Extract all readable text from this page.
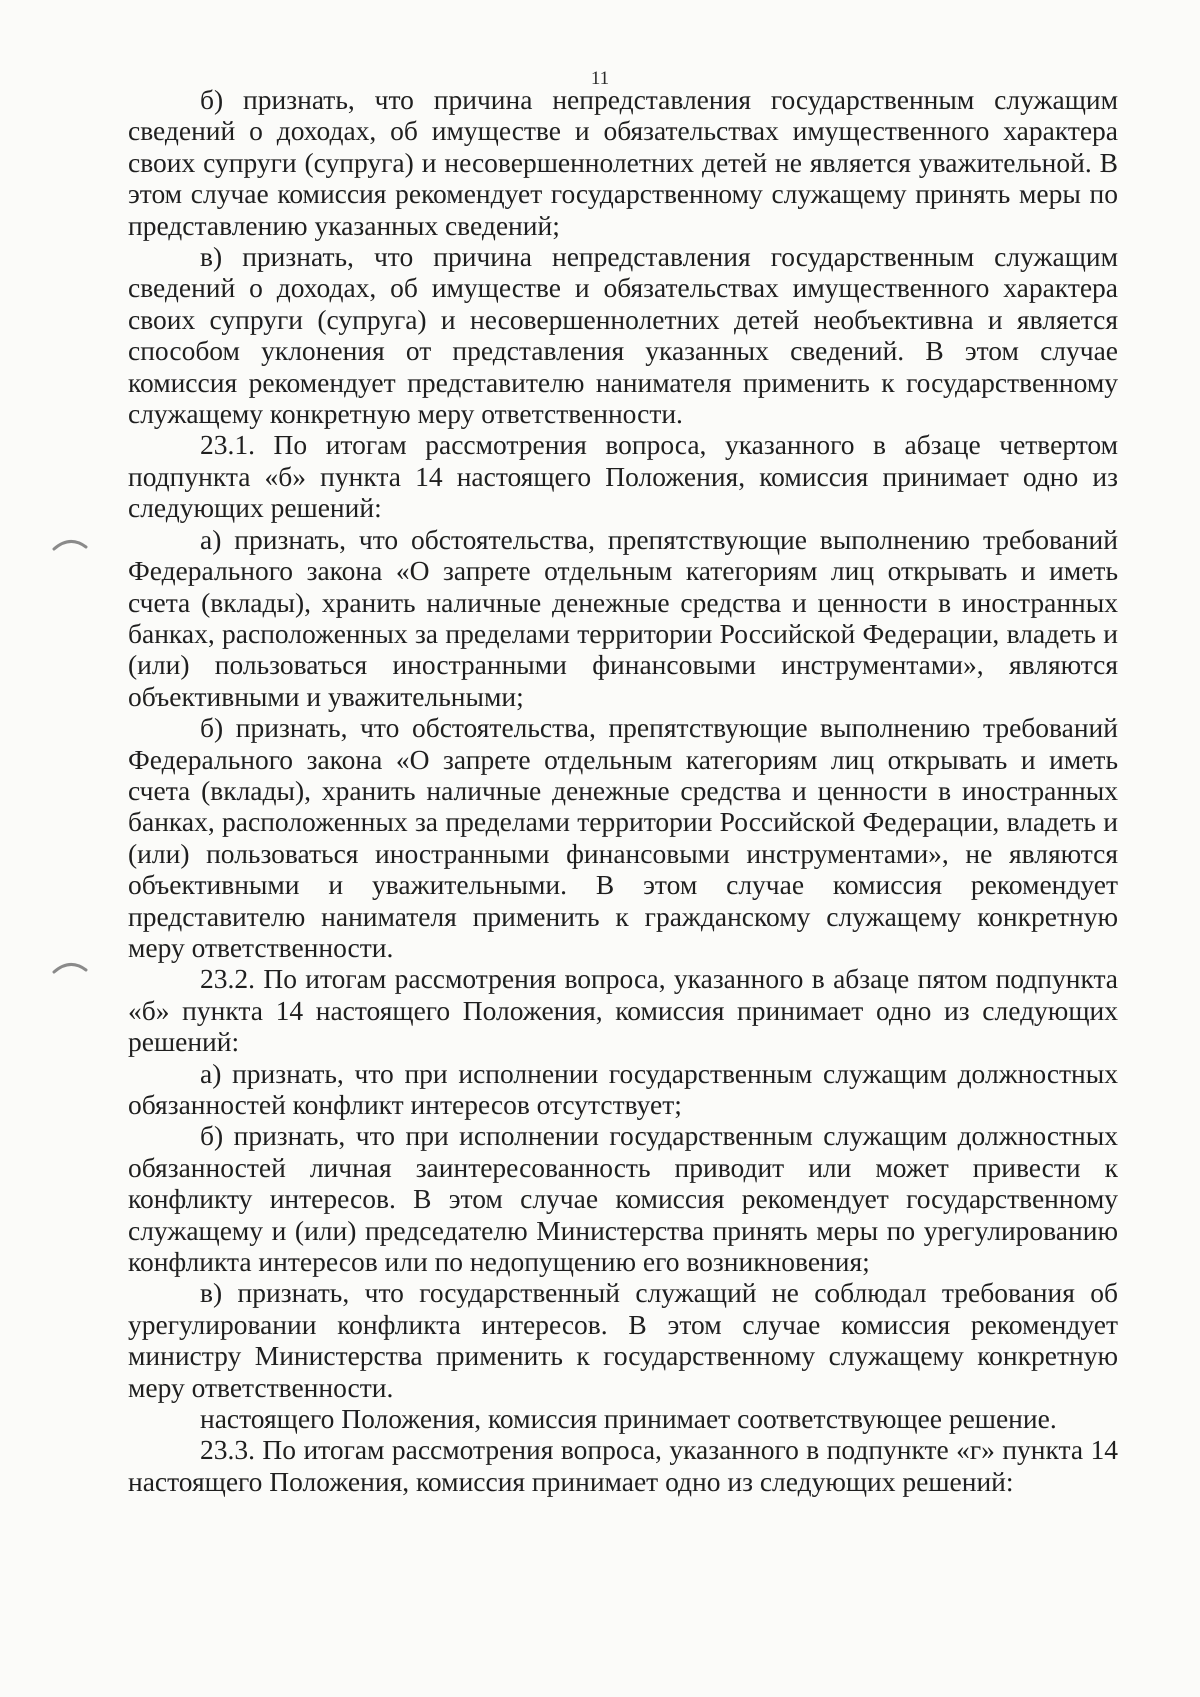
11

б) признать, что причина непредставления государственным служащим сведений о доходах, об имуществе и обязательствах имущественного характера своих супруги (супруга) и несовершеннолетних детей не является уважительной. В этом случае комиссия рекомендует государственному служащему принять меры по представлению указанных сведений;

в) признать, что причина непредставления государственным служащим сведений о доходах, об имуществе и обязательствах имущественного характера своих супруги (супруга) и несовершеннолетних детей необъективна и является способом уклонения от представления указанных сведений. В этом случае комиссия рекомендует представителю нанимателя применить к государственному служащему конкретную меру ответственности.

23.1. По итогам рассмотрения вопроса, указанного в абзаце четвертом подпункта «б» пункта 14 настоящего Положения, комиссия принимает одно из следующих решений:

а) признать, что обстоятельства, препятствующие выполнению требований Федерального закона «О запрете отдельным категориям лиц открывать и иметь счета (вклады), хранить наличные денежные средства и ценности в иностранных банках, расположенных за пределами территории Российской Федерации, владеть и (или) пользоваться иностранными финансовыми инструментами», являются объективными и уважительными;

б) признать, что обстоятельства, препятствующие выполнению требований Федерального закона «О запрете отдельным категориям лиц открывать и иметь счета (вклады), хранить наличные денежные средства и ценности в иностранных банках, расположенных за пределами территории Российской Федерации, владеть и (или) пользоваться иностранными финансовыми инструментами», не являются объективными и уважительными. В этом случае комиссия рекомендует представителю нанимателя применить к гражданскому служащему конкретную меру ответственности.

23.2. По итогам рассмотрения вопроса, указанного в абзаце пятом подпункта «б» пункта 14 настоящего Положения, комиссия принимает одно из следующих решений:

а) признать, что при исполнении государственным служащим должностных обязанностей конфликт интересов отсутствует;

б) признать, что при исполнении государственным служащим должностных обязанностей личная заинтересованность приводит или может привести к конфликту интересов. В этом случае комиссия рекомендует государственному служащему и (или) председателю Министерства принять меры по урегулированию конфликта интересов или по недопущению его возникновения;

в) признать, что государственный служащий не соблюдал требования об урегулировании конфликта интересов. В этом случае комиссия рекомендует министру Министерства применить к государственному служащему конкретную меру ответственности.

настоящего Положения, комиссия принимает соответствующее решение.

23.3. По итогам рассмотрения вопроса, указанного в подпункте «г» пункта 14 настоящего Положения, комиссия принимает одно из следующих решений:
